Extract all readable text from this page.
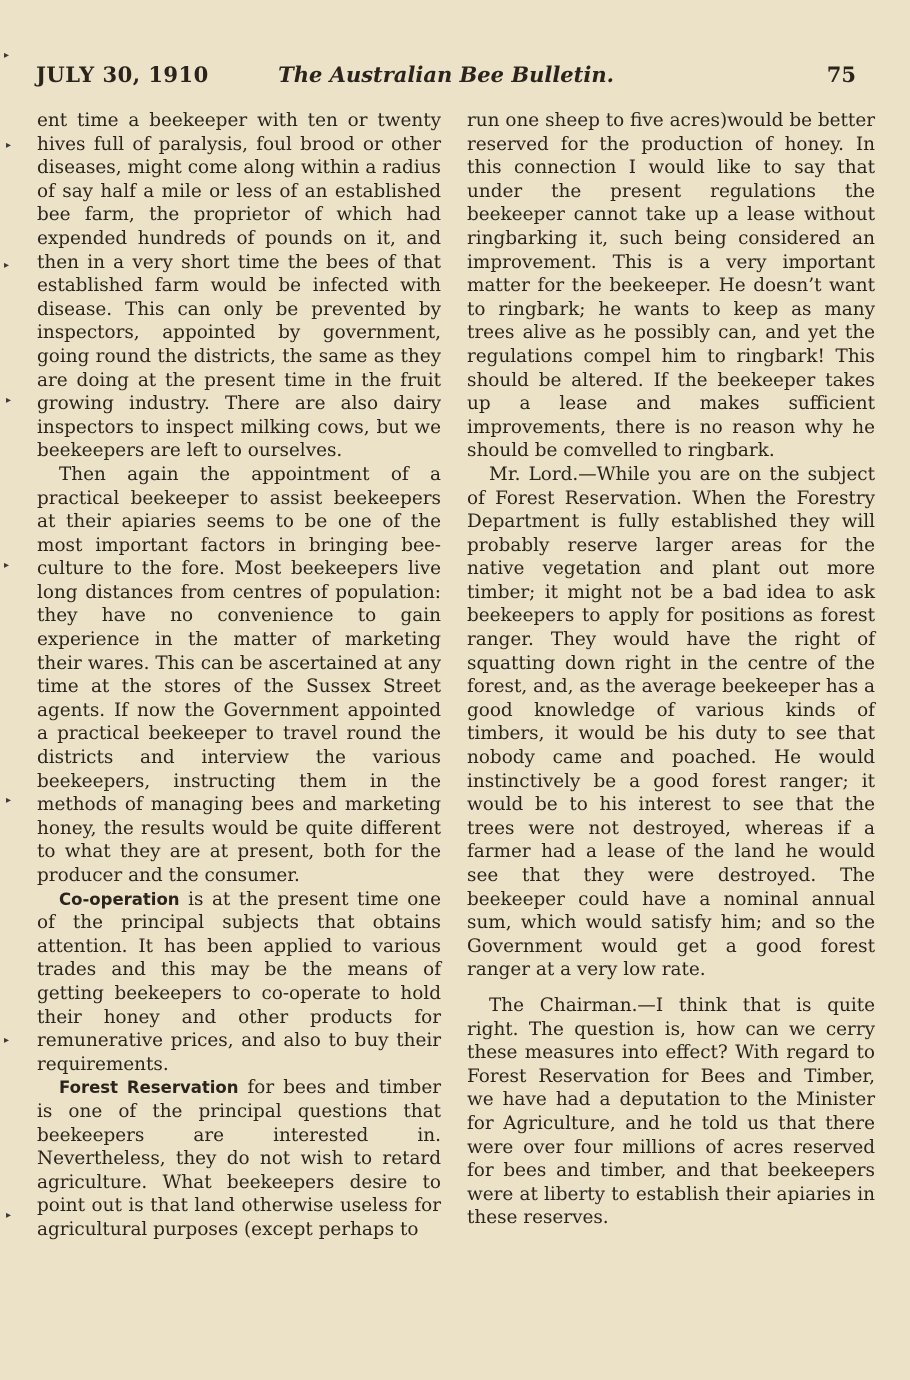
▸
▸
▸
▸
▸
▸
▸
▸
JULY 30, 1910	The Australian Bee Bulletin.	75

ent time a beekeeper with ten or twenty hives full of paralysis, foul brood or other diseases, might come along within a radius of say half a mile or less of an established bee farm, the proprietor of which had expended hundreds of pounds on it, and then in a very short time the bees of that established farm would be infected with disease. This can only be prevented by inspectors, appointed by government, going round the districts, the same as they are doing at the present time in the fruit growing industry. There are also dairy inspectors to inspect milking cows, but we beekeepers are left to ourselves.

Then again the appointment of a practical beekeeper to assist beekeepers at their apiaries seems to be one of the most important factors in bringing bee-culture to the fore. Most beekeepers live long distances from centres of population: they have no convenience to gain experience in the matter of marketing their wares. This can be ascertained at any time at the stores of the Sussex Street agents. If now the Government appointed a practical beekeeper to travel round the districts and interview the various beekeepers, instructing them in the methods of managing bees and marketing honey, the results would be quite different to what they are at present, both for the producer and the consumer.

Co-operation is at the present time one of the principal subjects that obtains attention. It has been applied to various trades and this may be the means of getting beekeepers to co-operate to hold their honey and other products for remunerative prices, and also to buy their requirements.

Forest Reservation for bees and timber is one of the principal questions that beekeepers are interested in. Nevertheless, they do not wish to retard agriculture. What beekeepers desire to point out is that land otherwise useless for agricultural purposes (except perhaps to

run one sheep to five acres)would be better reserved for the production of honey. In this connection I would like to say that under the present regulations the beekeeper cannot take up a lease without ringbarking it, such being considered an improvement. This is a very important matter for the beekeeper. He doesn’t want to ringbark; he wants to keep as many trees alive as he possibly can, and yet the regulations compel him to ringbark! This should be altered. If the beekeeper takes up a lease and makes sufficient improvements, there is no reason why he should be comvelled to ringbark.

Mr. Lord.—While you are on the subject of Forest Reservation. When the Forestry Department is fully established they will probably reserve larger areas for the native vegetation and plant out more timber; it might not be a bad idea to ask beekeepers to apply for positions as forest ranger. They would have the right of squatting down right in the centre of the forest, and, as the average beekeeper has a good knowledge of various kinds of timbers, it would be his duty to see that nobody came and poached. He would instinctively be a good forest ranger; it would be to his interest to see that the trees were not destroyed, whereas if a farmer had a lease of the land he would see that they were destroyed. The beekeeper could have a nominal annual sum, which would satisfy him; and so the Government would get a good forest ranger at a very low rate.

The Chairman.—I think that is quite right. The question is, how can we cerry these measures into effect? With regard to Forest Reservation for Bees and Timber, we have had a deputation to the Minister for Agriculture, and he told us that there were over four millions of acres reserved for bees and timber, and that beekeepers were at liberty to establish their apiaries in these reserves.
